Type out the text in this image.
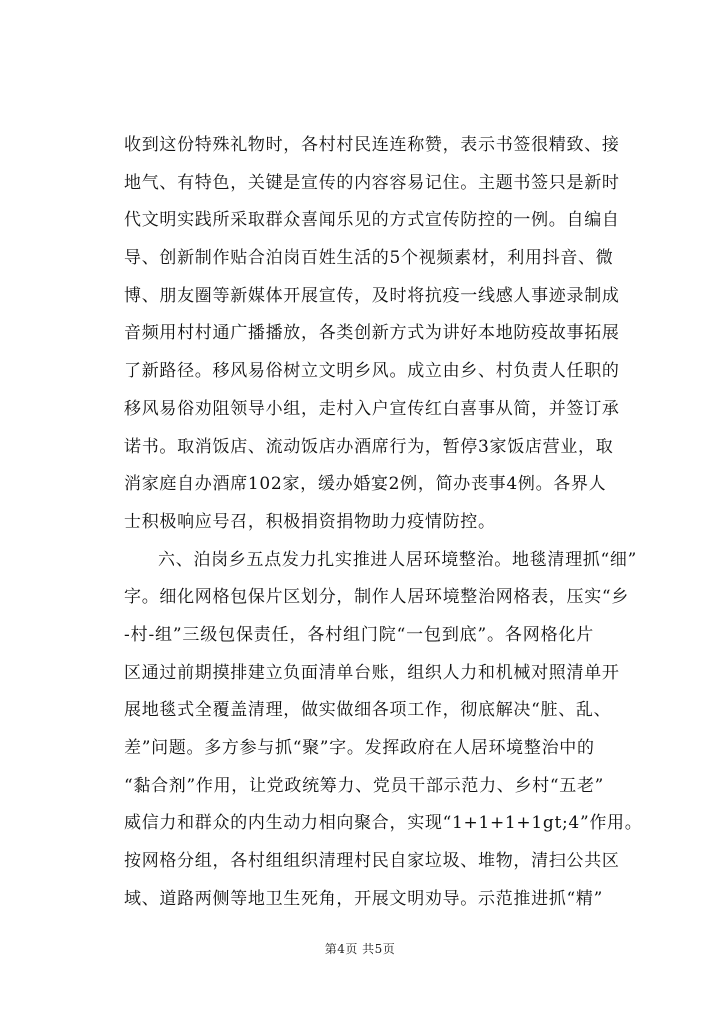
收到这份特殊礼物时，各村村民连连称赞，表示书签很精致、接
地气、有特色，关键是宣传的内容容易记住。主题书签只是新时
代文明实践所采取群众喜闻乐见的方式宣传防控的一例。自编自
导、创新制作贴合泊岗百姓生活的5个视频素材，利用抖音、微
博、朋友圈等新媒体开展宣传，及时将抗疫一线感人事迹录制成
音频用村村通广播播放，各类创新方式为讲好本地防疫故事拓展
了新路径。移风易俗树立文明乡风。成立由乡、村负责人任职的
移风易俗劝阻领导小组，走村入户宣传红白喜事从简，并签订承
诺书。取消饭店、流动饭店办酒席行为，暂停3家饭店营业，取
消家庭自办酒席102家，缓办婚宴2例，简办丧事4例。各界人
士积极响应号召，积极捐资捐物助力疫情防控。
六、泊岗乡五点发力扎实推进人居环境整治。地毯清理抓“细”
字。细化网格包保片区划分，制作人居环境整治网格表，压实“乡
-村-组”三级包保责任，各村组门院“一包到底”。各网格化片
区通过前期摸排建立负面清单台账，组织人力和机械对照清单开
展地毯式全覆盖清理，做实做细各项工作，彻底解决“脏、乱、
差”问题。多方参与抓“聚”字。发挥政府在人居环境整治中的
“黏合剂”作用，让党政统筹力、党员干部示范力、乡村“五老”
威信力和群众的内生动力相向聚合，实现“1+1+1+1gt;4”作用。
按网格分组，各村组组织清理村民自家垃圾、堆物，清扫公共区
域、道路两侧等地卫生死角，开展文明劝导。示范推进抓“精”
第4页 共5页
